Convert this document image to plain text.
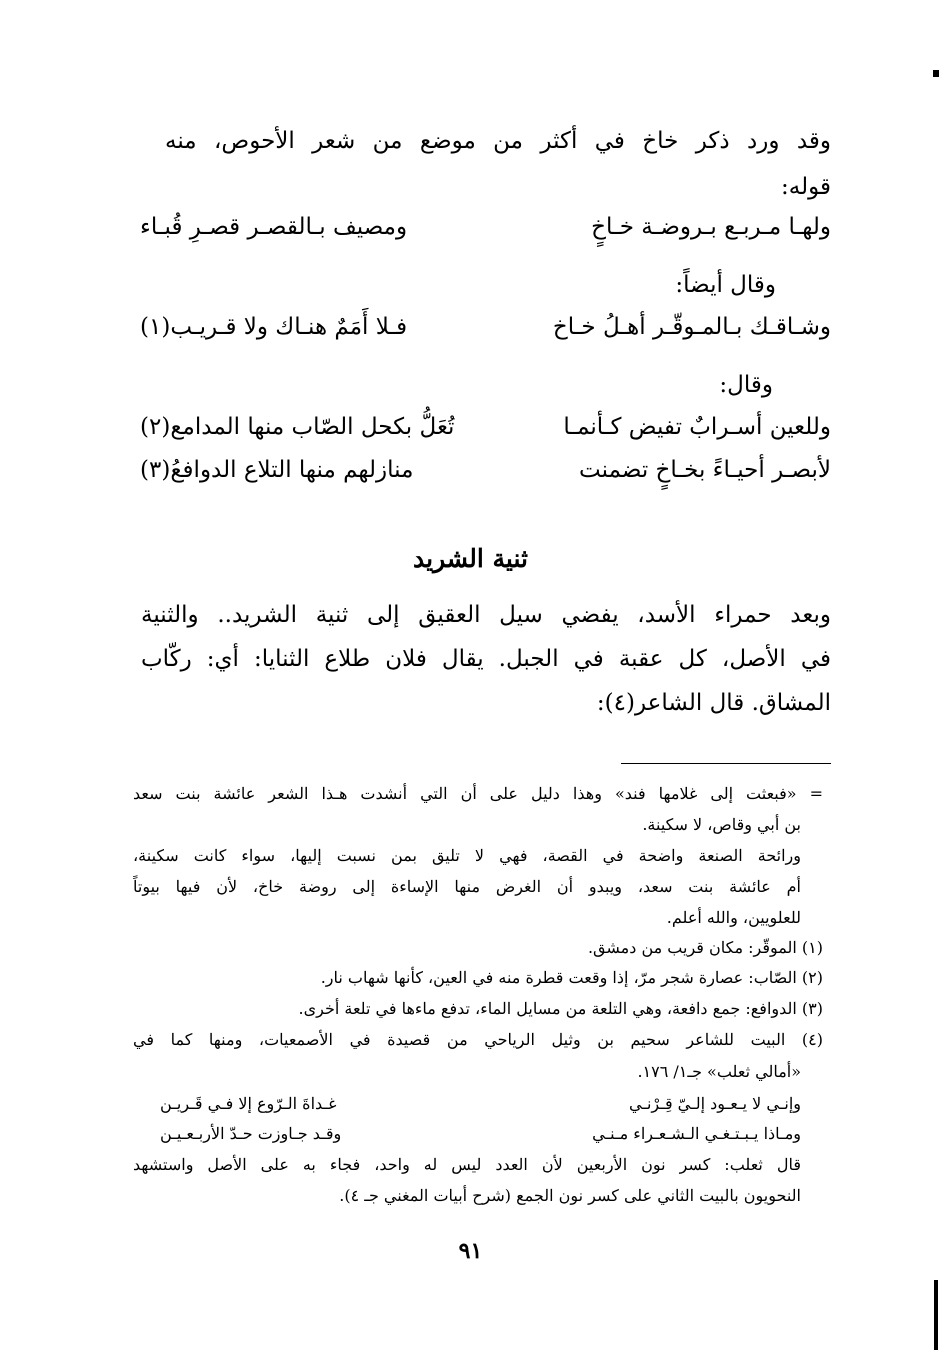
وقد ورد ذكر خاخ في أكثر من موضع من شعر الأحوص، منه
قوله:
ولهـا مـربـع بـروضـة خـاخٍ
ومصيف بـالقصـر قصـرِ قُبـاء
وقال أيضاً:
وشـاقـك بـالمـوقّـر أهـلُ خـاخ
فـلا أَمَمٌ هنـاك ولا قـريـب(١)
وقال:
وللعين أسـرابٌ تفيض كـأنمـا
تُعَلُّ بكحل الصّاب منها المدامع(٢)
لأبصـر أحيـاءً بخـاخٍ تضمنت
منازلهم منها التلاع الدوافعُ(٣)
ثنية الشريد
وبعد حمراء الأسد، يفضي سيل العقيق إلى ثنية الشريد.. والثنية
في الأصل، كل عقبة في الجبل. يقال فلان طلاع الثنايا: أي: ركّاب
المشاق. قال الشاعر(٤):
= «فبعثت إلى غلامها فند» وهذا دليل على أن التي أنشدت هـذا الشعر عائشة بنت سعد
بن أبي وقاص، لا سكينة.
ورائحة الصنعة واضحة في القصة، فهي لا تليق بمن نسبت إليها، سواء كانت سكينة،
أم عائشة بنت سعد، ويبدو أن الغرض منها الإساءة إلى روضة خاخ، لأن فيها بيوتاً
للعلويين، والله أعلم.
(١) الموقّر: مكان قريب من دمشق.
(٢) الصّاب: عصارة شجر مرّ، إذا وقعت قطرة منه في العين، كأنها شهاب نار.
(٣) الدوافع: جمع دافعة، وهي التلعة من مسايل الماء، تدفع ماءها في تلعة أخرى.
(٤) البيت للشاعر سحيم بن وثيل الرياحي من قصيدة في الأصمعيات، ومنها كما في
«أمالي ثعلب» جـ١/ ١٧٦.
وإنـي لا يـعـود إلـيّ قِـرْنـي
غـداةَ الـرّوع إلا فـي قَـريـن
ومـاذا يـبـتـغـي الـشـعـراء مـنـي
وقـد جـاوزت حـدّ الأربـعـيـن
قال ثعلب: كسر نون الأربعين لأن العدد ليس له واحد، فجاء به على الأصل واستشهد
النحويون بالبيت الثاني على كسر نون الجمع (شرح أبيات المغني جـ ٤).
٩١
